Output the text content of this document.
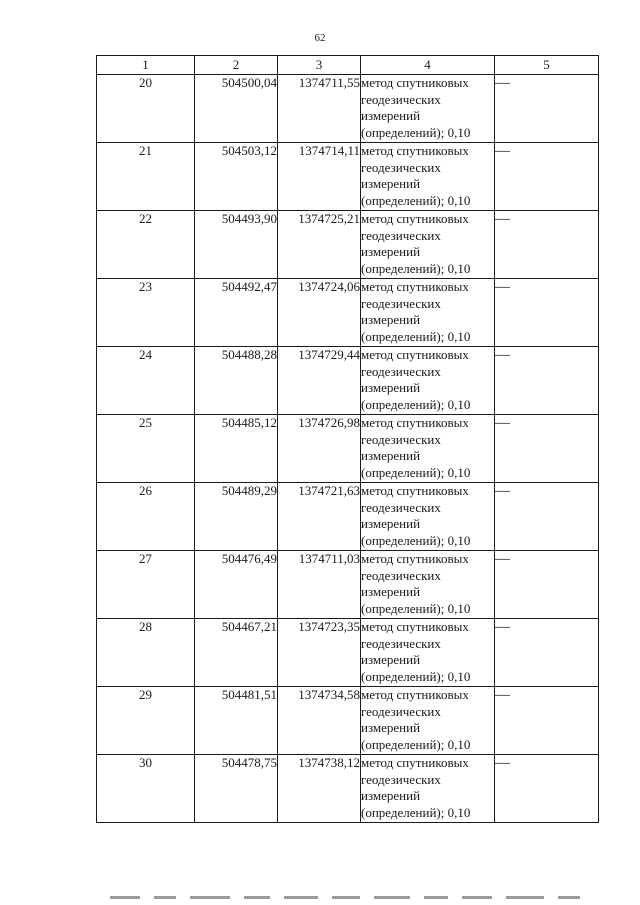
62
1	2	3	4	5
20	504500,04	1374711,55	метод спутниковых
геодезических
измерений
(определений); 0,10	—
21	504503,12	1374714,11	метод спутниковых
геодезических
измерений
(определений); 0,10	—
22	504493,90	1374725,21	метод спутниковых
геодезических
измерений
(определений); 0,10	—
23	504492,47	1374724,06	метод спутниковых
геодезических
измерений
(определений); 0,10	—
24	504488,28	1374729,44	метод спутниковых
геодезических
измерений
(определений); 0,10	—
25	504485,12	1374726,98	метод спутниковых
геодезических
измерений
(определений); 0,10	—
26	504489,29	1374721,63	метод спутниковых
геодезических
измерений
(определений); 0,10	—
27	504476,49	1374711,03	метод спутниковых
геодезических
измерений
(определений); 0,10	—
28	504467,21	1374723,35	метод спутниковых
геодезических
измерений
(определений); 0,10	—
29	504481,51	1374734,58	метод спутниковых
геодезических
измерений
(определений); 0,10	—
30	504478,75	1374738,12	метод спутниковых
геодезических
измерений
(определений); 0,10	—
